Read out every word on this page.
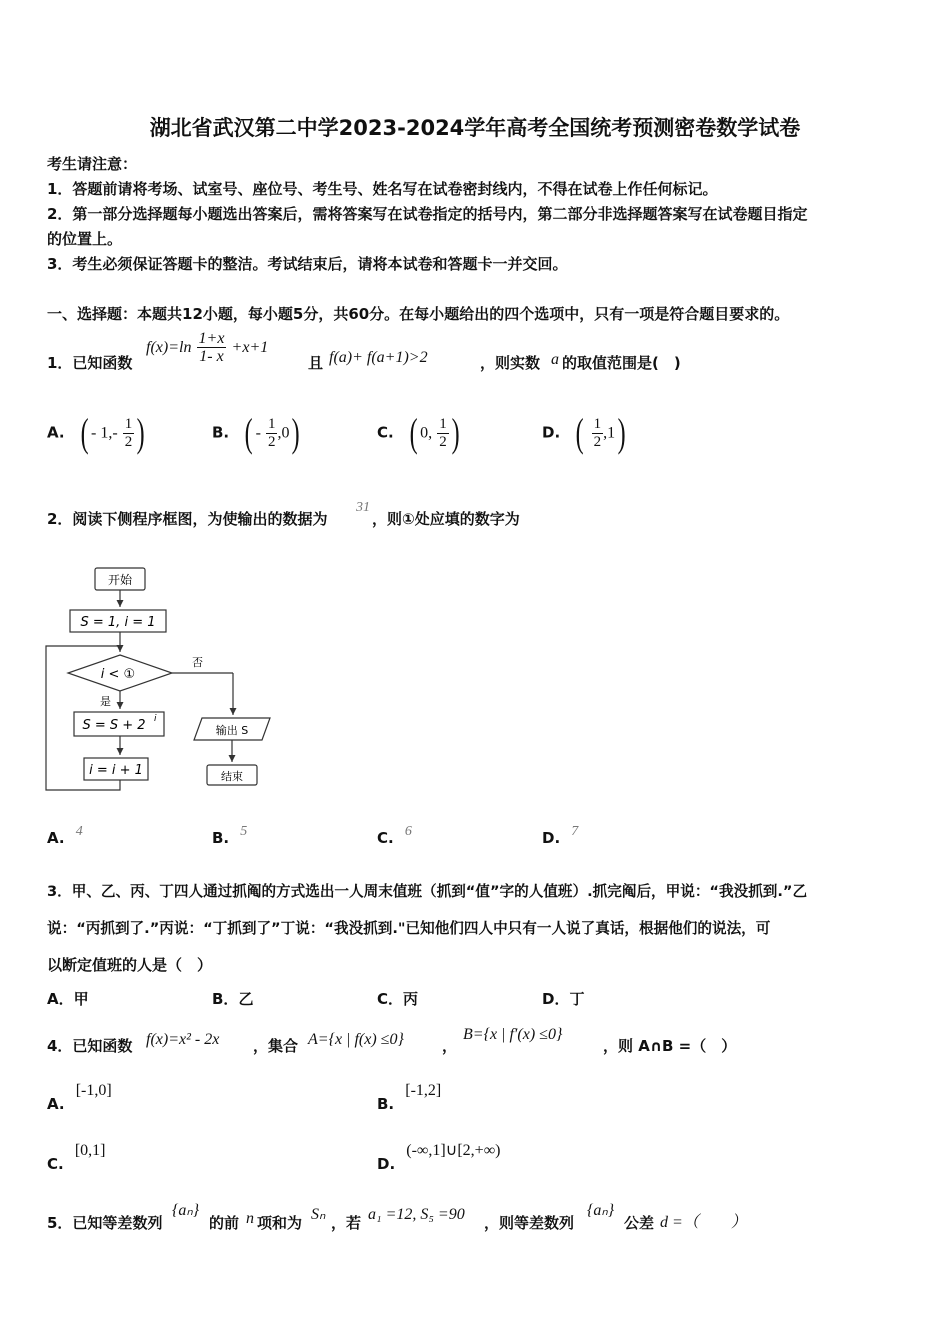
湖北省武汉第二中学2023-2024学年高考全国统考预测密卷数学试卷
考生请注意：
1．答题前请将考场、试室号、座位号、考生号、姓名写在试卷密封线内，不得在试卷上作任何标记。
2．第一部分选择题每小题选出答案后，需将答案写在试卷指定的括号内，第二部分非选择题答案写在试卷题目指定
的位置上。
3．考生必须保证答题卡的整洁。考试结束后，请将本试卷和答题卡一并交回。
一、选择题：本题共12小题，每小题5分，共60分。在每小题给出的四个选项中，只有一项是符合题目要求的。
1．已知函数
$f(x)=\ln \frac{1+x}{1- x} +x+1$
且 f(a)+ f(a+1)>2	，则实数 a 的取值范围是(　)
A. ( - $1,- \frac{1}{2}$ )	B. ( - $\frac{1}{2} ,0$)	C. ( 0, $\frac{1}{2}$ )	D. ( $\frac{1}{2} ,1$)
2．阅读下侧程序框图，为使输出的数据为
31
，则①处应填的数字为
开始
S = 1, i = 1
i < ①
否
是
S = S + 2 i
i = i + 1
输出 S
结束
A. 4	B. 5	C. 6	D. 7
3．甲、乙、丙、丁四人通过抓阄的方式选出一人周末值班（抓到“值”字的人值班）.抓完阄后，甲说：“我没抓到.”乙
说：“丙抓到了.”丙说：“丁抓到了”丁说：“我没抓到."已知他们四人中只有一人说了真话，根据他们的说法，可
以断定值班的人是（　）
A．甲	B．乙	C．丙	D．丁
4．已知函数 f(x)=x² - 2x ，集合 A={x | f(x) ≤0}	，
B={x | f′(x) ≤0}
，则 A∩B =（　）
A. [-1,0]
B. [-1,2]
C. [0,1]
D. (-∞,1]∪[2,+∞)
5．已知等差数列
{aₙ}
的前 n 项和为 Sₙ ，若 a₁ =12, S₅ =90 ，则等差数列
{aₙ}
公差 d =（　　）
